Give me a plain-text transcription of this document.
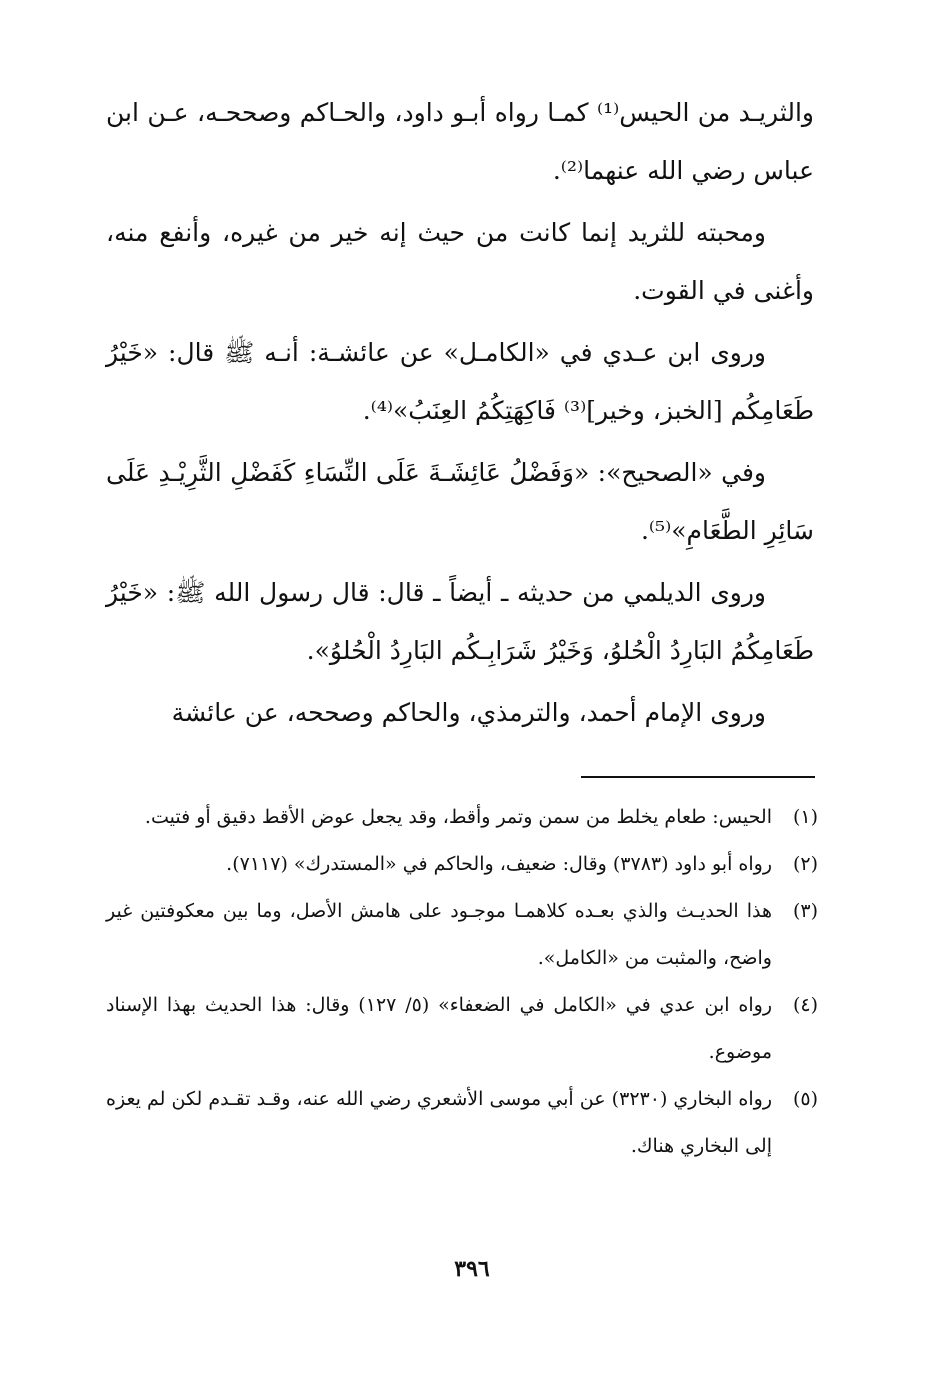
والثريـد من الحيس⁽¹⁾ كمـا رواه أبـو داود، والحـاكم وصححـه، عـن ابن عباس رضي الله عنهما⁽²⁾.

ومحبته للثريد إنما كانت من حيث إنه خير من غيره، وأنفع منه، وأغنى في القوت.

وروى ابن عـدي في «الكامـل» عن عائشـة: أنـه ﷺ قال: «خَيْرُ طَعَامِكُم [الخبز، وخير]⁽³⁾ فَاكِهَتِكُمُ العِنَبُ»⁽⁴⁾.

وفي «الصحيح»: «وَفَضْلُ عَائِشَـةَ عَلَى النِّسَاءِ كَفَضْلِ الثَّرِيْـدِ عَلَى سَائِرِ الطَّعَامِ»⁽⁵⁾.

وروى الديلمي من حديثه ـ أيضاً ـ قال: قال رسول الله ﷺ: «خَيْرُ طَعَامِكُمُ البَارِدُ الْحُلوُ، وَخَيْرُ شَرَابِـكُم البَارِدُ الْحُلوُ».

وروى الإمام أحمد، والترمذي، والحاكم وصححه، عن عائشة

(١)
الحيس: طعام يخلط من سمن وتمر وأقط، وقد يجعل عوض الأقط دقيق أو فتيت.
(٢)
رواه أبو داود (٣٧٨٣) وقال: ضعيف، والحاكم في «المستدرك» (٧١١٧).
(٣)
هذا الحديـث والذي بعـده كلاهمـا موجـود على هامش الأصل، وما بين معكوفتين غير واضح، والمثبت من «الكامل».
(٤)
رواه ابن عدي في «الكامل في الضعفاء» (٥/ ١٢٧) وقال: هذا الحديث بهذا الإسناد موضوع.
(٥)
رواه البخاري (٣٢٣٠) عن أبي موسى الأشعري رضي الله عنه، وقـد تقـدم لكن لم يعزه إلى البخاري هناك.
٣٩٦
